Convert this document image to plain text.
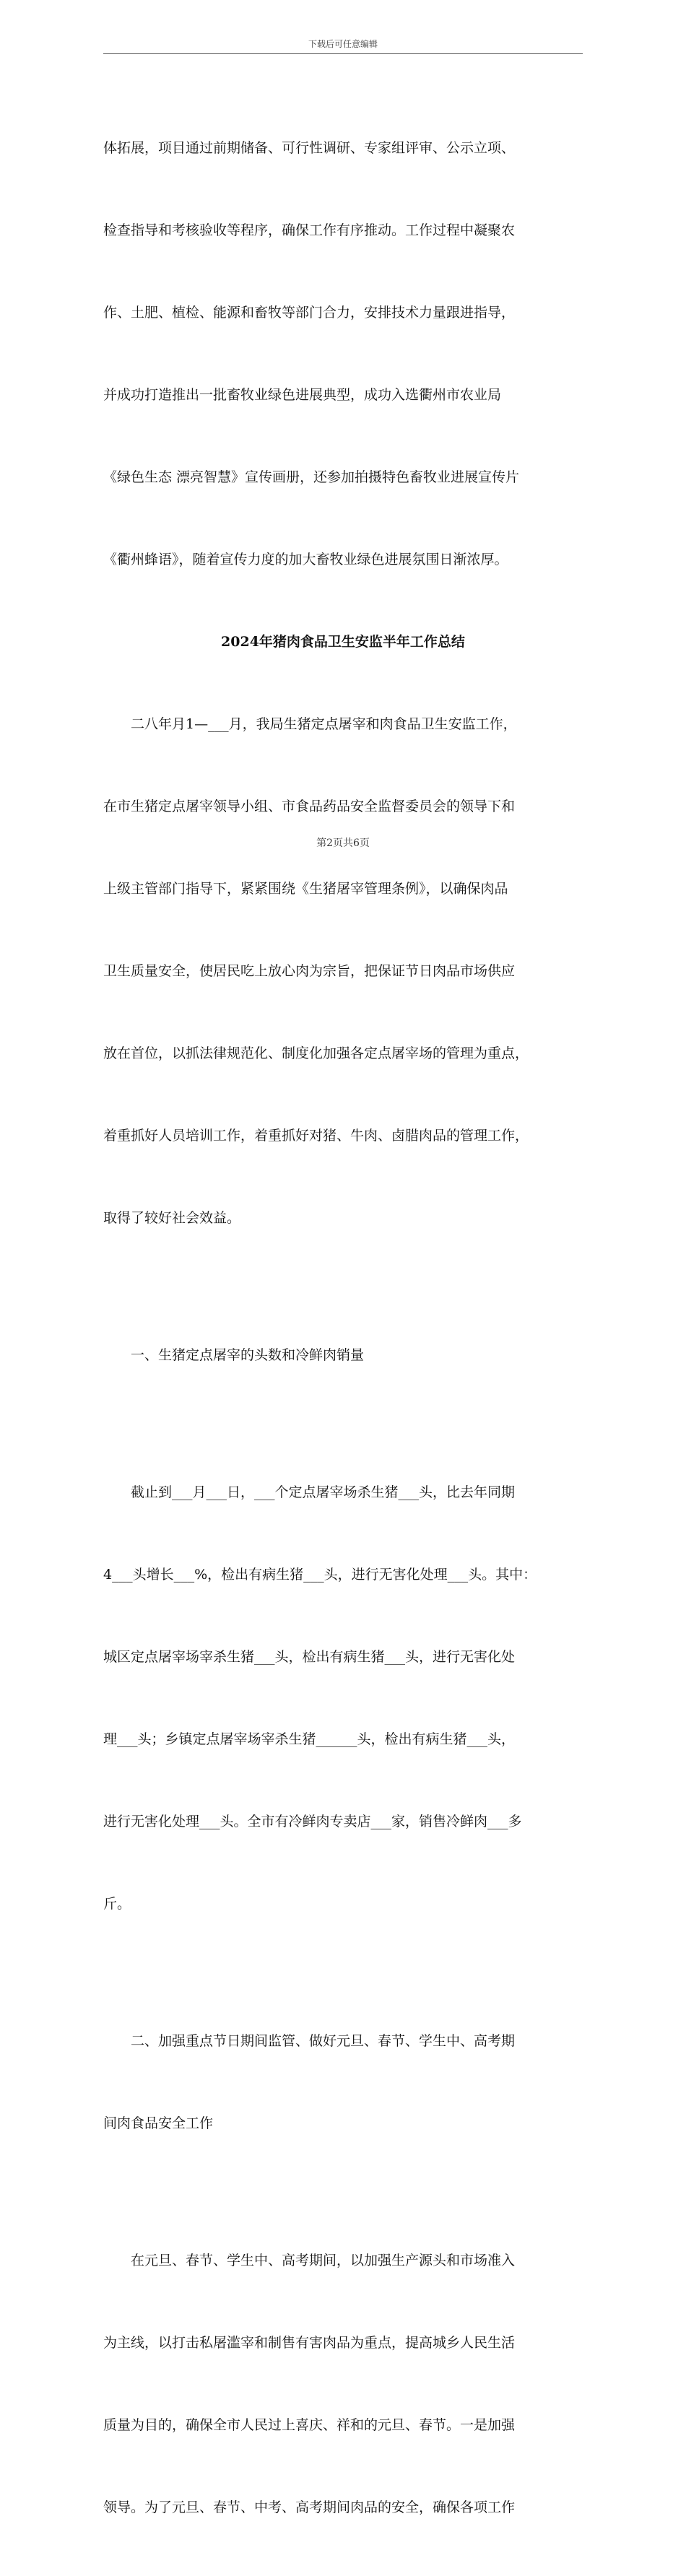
下载后可任意编辑

体拓展，项目通过前期储备、可行性调研、专家组评审、公示立项、

检查指导和考核验收等程序，确保工作有序推动。工作过程中凝聚农

作、土肥、植检、能源和畜牧等部门合力，安排技术力量跟进指导，

并成功打造推出一批畜牧业绿色进展典型，成功入选衢州市农业局

《绿色生态 漂亮智慧》宣传画册，还参加拍摄特色畜牧业进展宣传片

《衢州蜂语》，随着宣传力度的加大畜牧业绿色进展氛围日渐浓厚。

2024年猪肉食品卫生安监半年工作总结

　　二八年月1—___月，我局生猪定点屠宰和肉食品卫生安监工作，

在市生猪定点屠宰领导小组、市食品药品安全监督委员会的领导下和

上级主管部门指导下，紧紧围绕《生猪屠宰管理条例》，以确保肉品

卫生质量安全，使居民吃上放心肉为宗旨，把保证节日肉品市场供应

放在首位，以抓法律规范化、制度化加强各定点屠宰场的管理为重点，

着重抓好人员培训工作，着重抓好对猪、牛肉、卤腊肉品的管理工作，

取得了较好社会效益。

　　一、生猪定点屠宰的头数和冷鲜肉销量

　　截止到___月___日，___个定点屠宰场杀生猪___头，比去年同期

4___头增长___%，检出有病生猪___头，进行无害化处理___头。其中：

城区定点屠宰场宰杀生猪___头，检出有病生猪___头，进行无害化处

理___头；乡镇定点屠宰场宰杀生猪______头，检出有病生猪___头，

进行无害化处理___头。全市有冷鲜肉专卖店___家，销售冷鲜肉___多

斤。

　　二、加强重点节日期间监管、做好元旦、春节、学生中、高考期

间肉食品安全工作

　　在元旦、春节、学生中、高考期间，以加强生产源头和市场准入

为主线，以打击私屠滥宰和制售有害肉品为重点，提高城乡人民生活

质量为目的，确保全市人民过上喜庆、祥和的元旦、春节。一是加强

领导。为了元旦、春节、中考、高考期间肉品的安全，确保各项工作

第2页共6页
